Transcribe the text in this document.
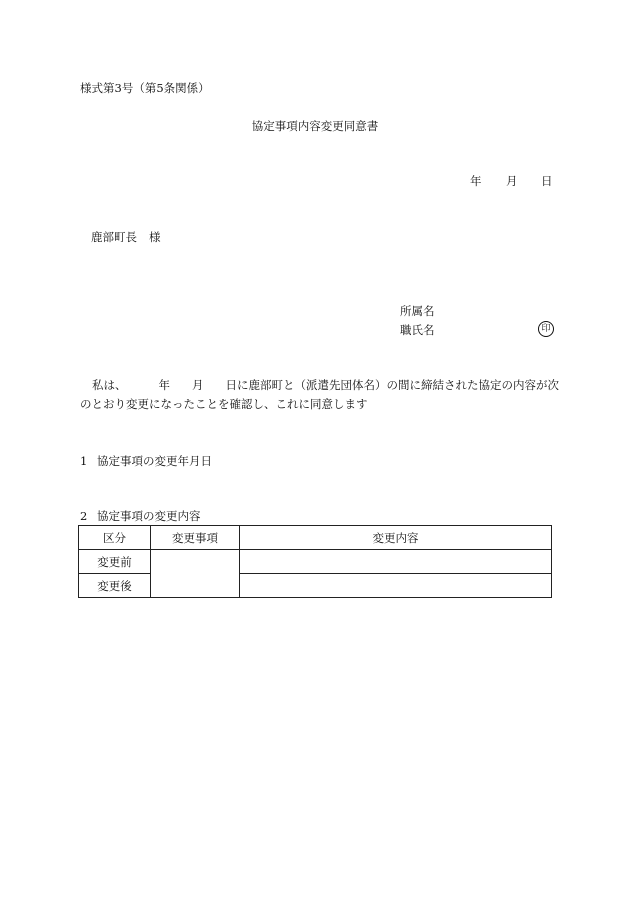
様式第3号（第5条関係）
協定事項内容変更同意書
年 月 日
鹿部町長 様
所属名
職氏名	印
私は、	年 月 日に鹿部町と（派遣先団体名）の間に締結された協定の内容が次
のとおり変更になったことを確認し、これに同意します
1 協定事項の変更年月日
2 協定事項の変更内容
区分	変更事項	変更内容
変更前		
変更後		
